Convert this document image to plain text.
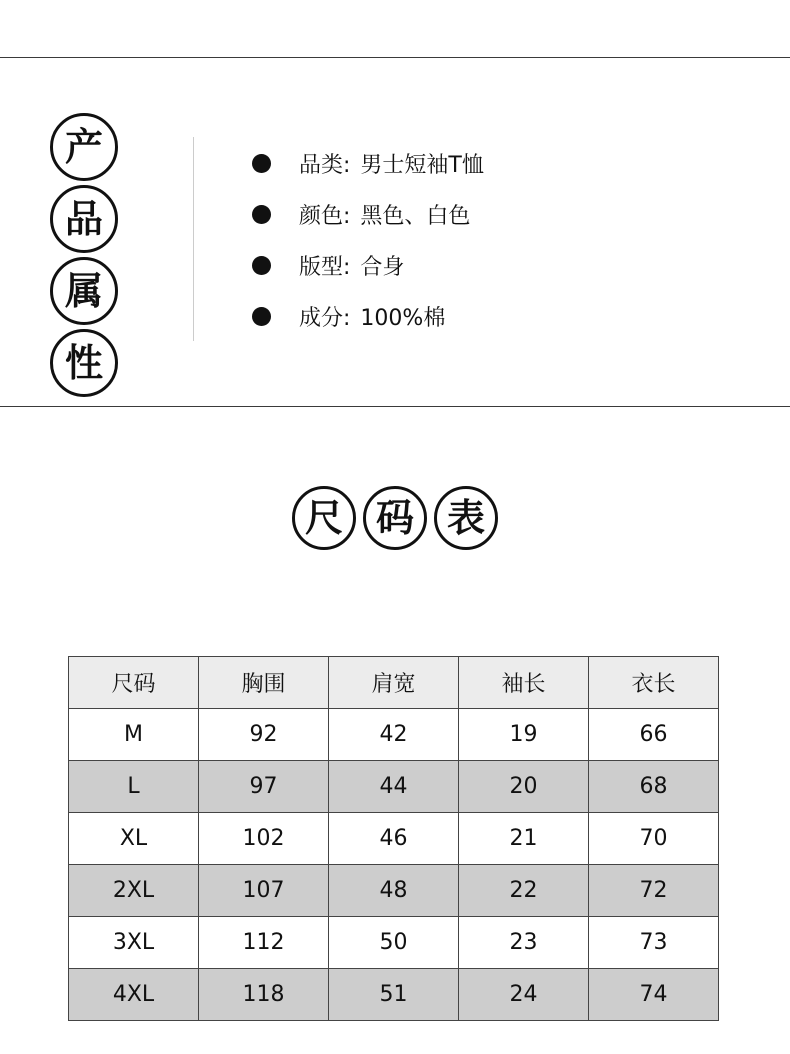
产
品
属
性
品类: 男士短袖T恤
颜色: 黑色、白色
版型: 合身
成分: 100%棉
尺 码 表
尺码	胸围	肩宽	袖长	衣长
M	92	42	19	66
L	97	44	20	68
XL	102	46	21	70
2XL	107	48	22	72
3XL	112	50	23	73
4XL	118	51	24	74
